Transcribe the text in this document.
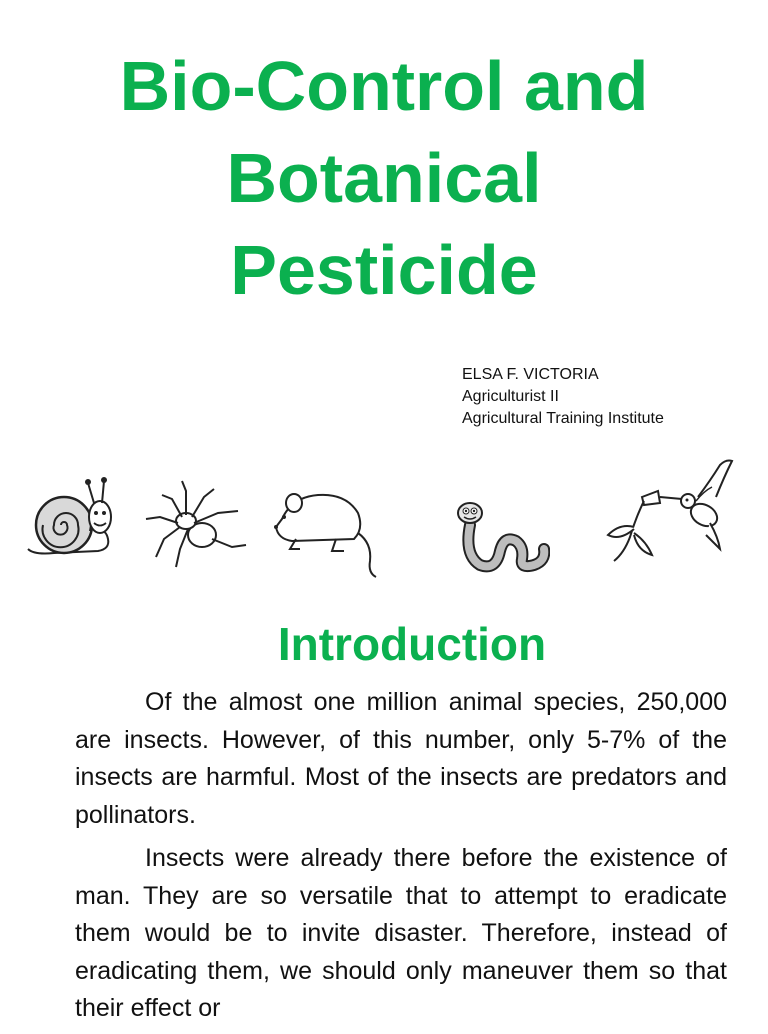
Bio-Control and
Botanical
Pesticide
ELSA F. VICTORIA
Agriculturist II
Agricultural Training Institute
Introduction

Of the almost one million animal species, 250,000 are insects. However, of this number, only 5-7% of the insects are harmful. Most of the insects are predators and pollinators.

Insects were already there before the existence of man. They are so versatile that to attempt to eradicate them would be to invite disaster. Therefore, instead of eradicating them, we should only maneuver them so that their effect or
